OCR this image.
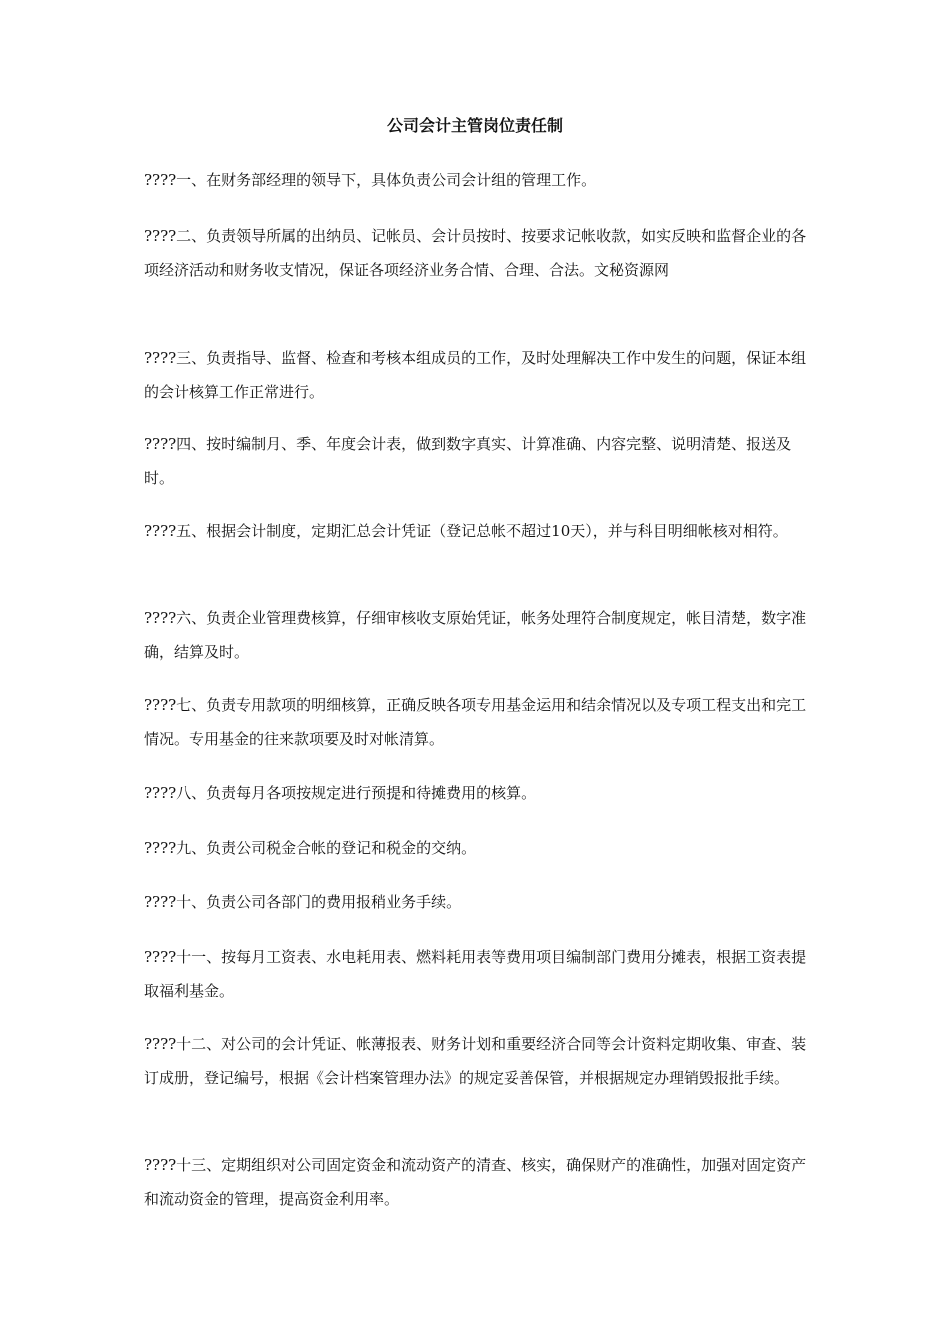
公司会计主管岗位责任制

????一、在财务部经理的领导下，具体负责公司会计组的管理工作。

????二、负责领导所属的出纳员、记帐员、会计员按时、按要求记帐收款，如实反映和监督企业的各项经济活动和财务收支情况，保证各项经济业务合情、合理、合法。文秘资源网

????三、负责指导、监督、检查和考核本组成员的工作，及时处理解决工作中发生的问题，保证本组的会计核算工作正常进行。

????四、按时编制月、季、年度会计表，做到数字真实、计算准确、内容完整、说明清楚、报送及时。

????五、根据会计制度，定期汇总会计凭证（登记总帐不超过10天），并与科目明细帐核对相符。

????六、负责企业管理费核算，仔细审核收支原始凭证，帐务处理符合制度规定，帐目清楚，数字准确，结算及时。

????七、负责专用款项的明细核算，正确反映各项专用基金运用和结余情况以及专项工程支出和完工情况。专用基金的往来款项要及时对帐清算。

????八、负责每月各项按规定进行预提和待摊费用的核算。

????九、负责公司税金合帐的登记和税金的交纳。

????十、负责公司各部门的费用报稍业务手续。

????十一、按每月工资表、水电耗用表、燃料耗用表等费用项目编制部门费用分摊表，根据工资表提取福利基金。

????十二、对公司的会计凭证、帐薄报表、财务计划和重要经济合同等会计资料定期收集、审查、装订成册，登记编号，根据《会计档案管理办法》的规定妥善保管，并根据规定办理销毁报批手续。

????十三、定期组织对公司固定资金和流动资产的清查、核实，确保财产的准确性，加强对固定资产和流动资金的管理，提高资金利用率。
